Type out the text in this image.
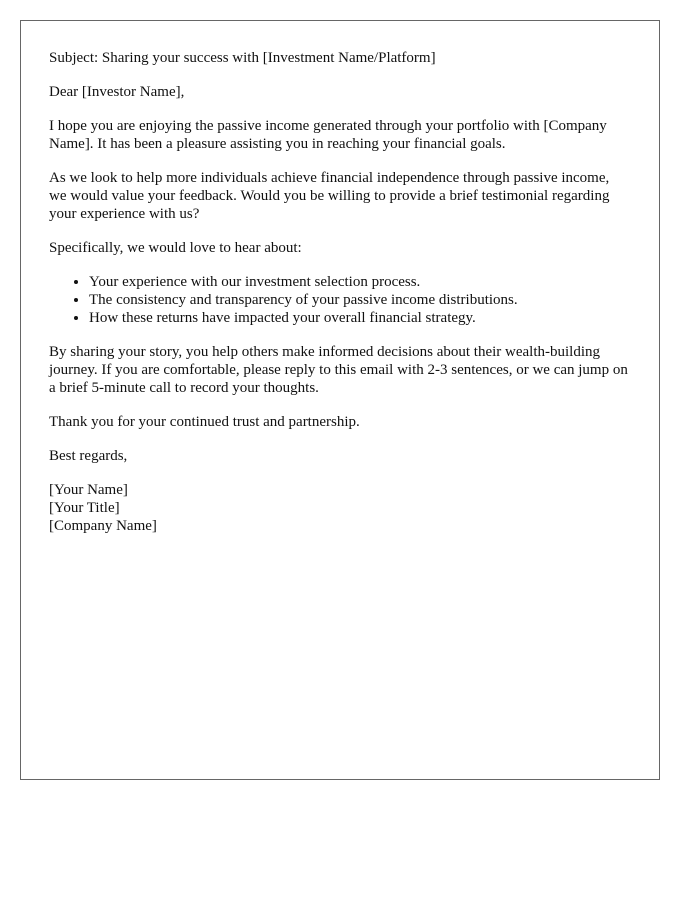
Subject: Sharing your success with [Investment Name/Platform]

Dear [Investor Name],

I hope you are enjoying the passive income generated through your portfolio with [Company Name]. It has been a pleasure assisting you in reaching your financial goals.

As we look to help more individuals achieve financial independence through passive income, we would value your feedback. Would you be willing to provide a brief testimonial regarding your experience with us?

Specifically, we would love to hear about:

• Your experience with our investment selection process.
• The consistency and transparency of your passive income distributions.
• How these returns have impacted your overall financial strategy.

By sharing your story, you help others make informed decisions about their wealth-building journey. If you are comfortable, please reply to this email with 2-3 sentences, or we can jump on a brief 5-minute call to record your thoughts.

Thank you for your continued trust and partnership.

Best regards,

[Your Name]
[Your Title]
[Company Name]
